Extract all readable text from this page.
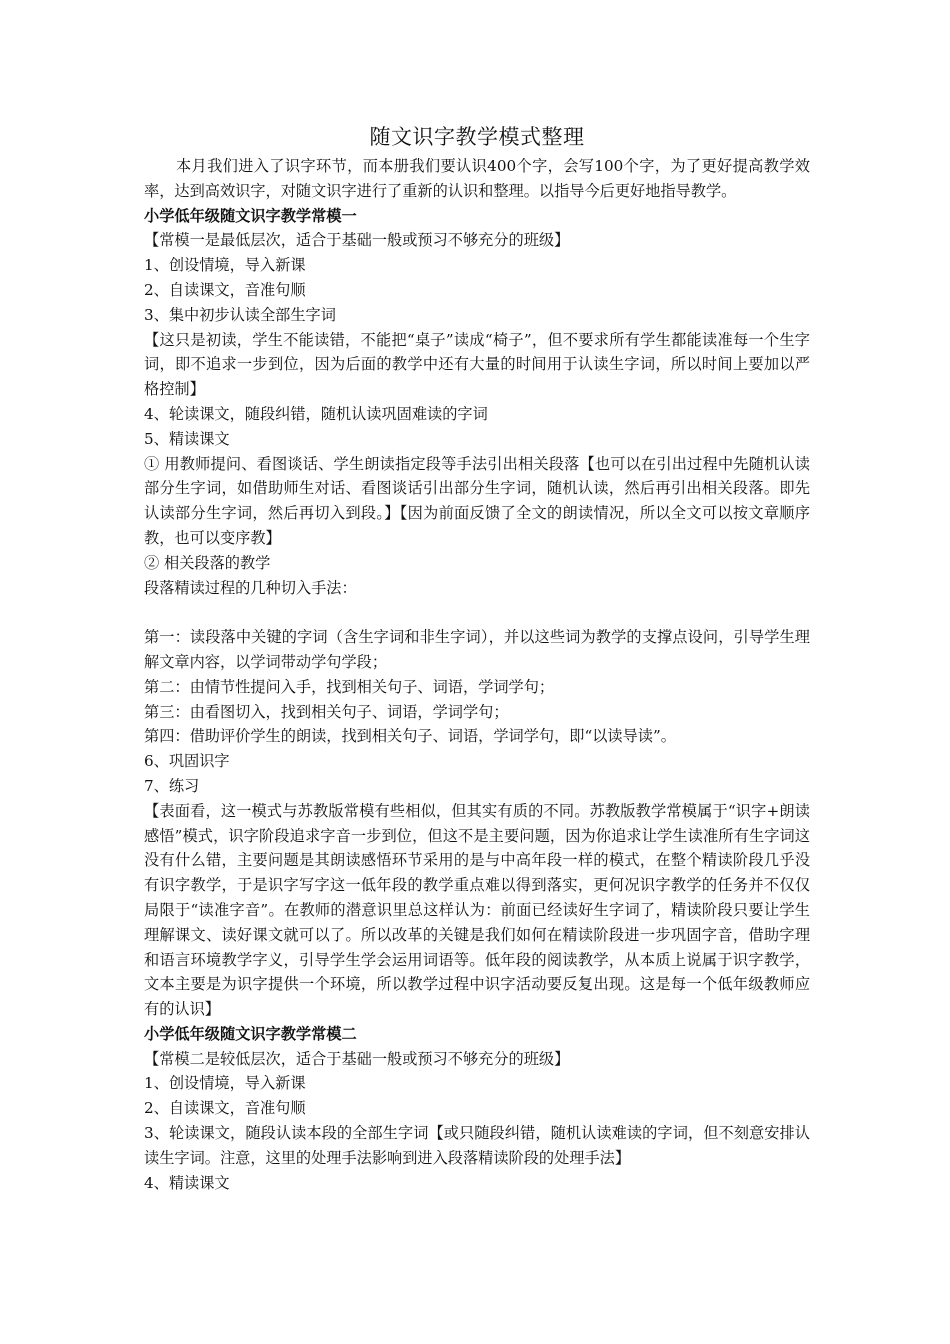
随文识字教学模式整理

本月我们进入了识字环节，而本册我们要认识400个字，会写100个字，为了更好提高教学效率，达到高效识字，对随文识字进行了重新的认识和整理。以指导今后更好地指导教学。

小学低年级随文识字教学常模一

【常模一是最低层次，适合于基础一般或预习不够充分的班级】

1、创设情境，导入新课

2、自读课文，音准句顺

3、集中初步认读全部生字词

【这只是初读，学生不能读错，不能把“桌子”读成“椅子”，但不要求所有学生都能读准每一个生字词，即不追求一步到位，因为后面的教学中还有大量的时间用于认读生字词，所以时间上要加以严格控制】

4、轮读课文，随段纠错，随机认读巩固难读的字词

5、精读课文

① 用教师提问、看图谈话、学生朗读指定段等手法引出相关段落【也可以在引出过程中先随机认读部分生字词，如借助师生对话、看图谈话引出部分生字词，随机认读，然后再引出相关段落。即先认读部分生字词，然后再切入到段。】【因为前面反馈了全文的朗读情况，所以全文可以按文章顺序教，也可以变序教】

② 相关段落的教学

段落精读过程的几种切入手法：

第一：读段落中关键的字词（含生字词和非生字词），并以这些词为教学的支撑点设问，引导学生理解文章内容，以学词带动学句学段；

第二：由情节性提问入手，找到相关句子、词语，学词学句；

第三：由看图切入，找到相关句子、词语，学词学句；

第四：借助评价学生的朗读，找到相关句子、词语，学词学句，即“以读导读”。

6、巩固识字

7、练习

【表面看，这一模式与苏教版常模有些相似，但其实有质的不同。苏教版教学常模属于“识字+朗读感悟”模式，识字阶段追求字音一步到位，但这不是主要问题，因为你追求让学生读准所有生字词这没有什么错，主要问题是其朗读感悟环节采用的是与中高年段一样的模式，在整个精读阶段几乎没有识字教学，于是识字写字这一低年段的教学重点难以得到落实，更何况识字教学的任务并不仅仅局限于“读准字音”。在教师的潜意识里总这样认为：前面已经读好生字词了，精读阶段只要让学生理解课文、读好课文就可以了。所以改革的关键是我们如何在精读阶段进一步巩固字音，借助字理和语言环境教学字义，引导学生学会运用词语等。低年段的阅读教学，从本质上说属于识字教学，文本主要是为识字提供一个环境，所以教学过程中识字活动要反复出现。这是每一个低年级教师应有的认识】

小学低年级随文识字教学常模二

【常模二是较低层次，适合于基础一般或预习不够充分的班级】

1、创设情境，导入新课

2、自读课文，音准句顺

3、轮读课文，随段认读本段的全部生字词【或只随段纠错，随机认读难读的字词，但不刻意安排认读生字词。注意，这里的处理手法影响到进入段落精读阶段的处理手法】

4、精读课文
